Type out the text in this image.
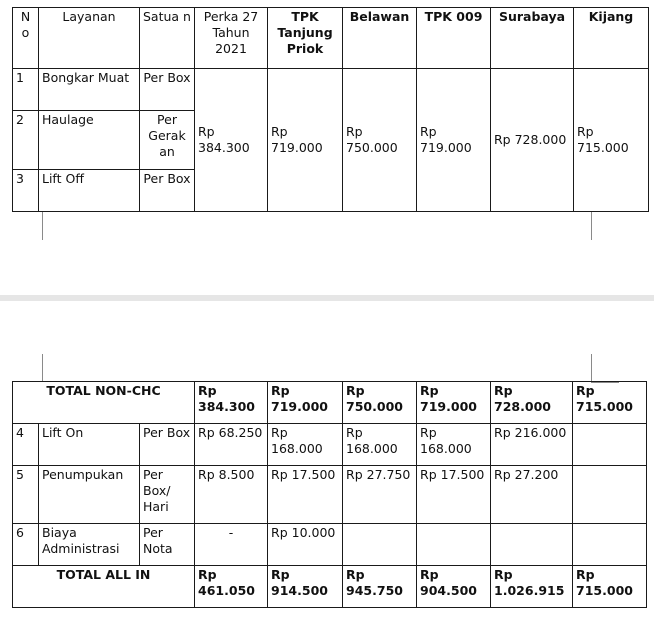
N o	Layanan	Satua n	Perka 27 Tahun 2021	TPK Tanjung Priok	Belawan	TPK 009	Surabaya	Kijang
1	Bongkar Muat	Per Box	Rp 384.300	Rp 719.000	Rp 750.000	Rp 719.000	Rp 728.000	Rp 715.000
2	Haulage	Per Gerak an						
3	Lift Off	Per Box						
TOTAL NON-CHC			Rp 384.300	Rp 719.000	Rp 750.000	Rp 719.000	Rp 728.000	Rp 715.000
4	Lift On	Per Box	Rp 68.250	Rp 168.000	Rp 168.000	Rp 168.000	Rp 216.000	
5	Penumpukan	Per Box/ Hari	Rp 8.500	Rp 17.500	Rp 27.750	Rp 17.500	Rp 27.200	
6	Biaya Administrasi	Per Nota	-	Rp 10.000				
TOTAL ALL IN			Rp 461.050	Rp 914.500	Rp 945.750	Rp 904.500	Rp 1.026.915	Rp 715.000
